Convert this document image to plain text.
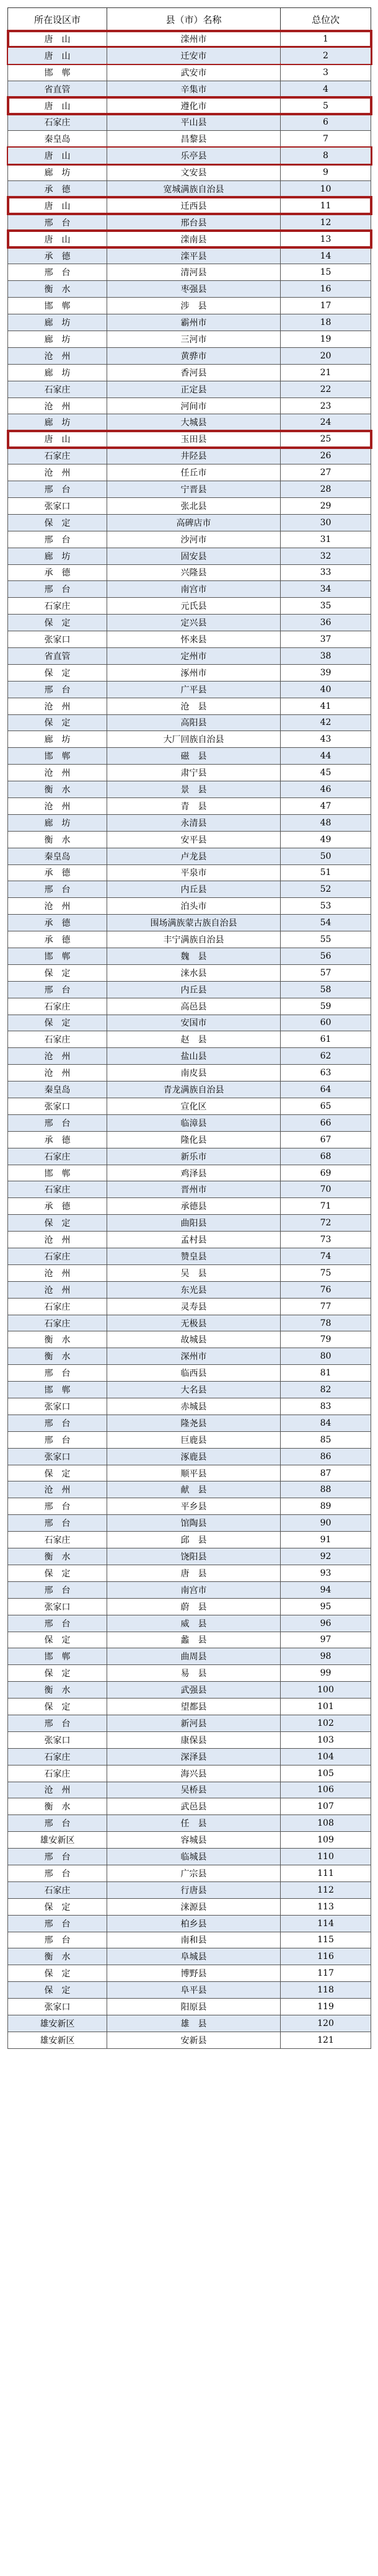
所在设区市	县（市）名称	总位次
唐　山	滦州市	1
唐　山	迁安市	2
邯　郸	武安市	3
省直管	辛集市	4
唐　山	遵化市	5
石家庄	平山县	6
秦皇岛	昌黎县	7
唐　山	乐亭县	8
廊　坊	文安县	9
承　德	宽城满族自治县	10
唐　山	迁西县	11
邢　台	邢台县	12
唐　山	滦南县	13
承　德	滦平县	14
邢　台	清河县	15
衡　水	枣强县	16
邯　郸	涉　县	17
廊　坊	霸州市	18
廊　坊	三河市	19
沧　州	黄骅市	20
廊　坊	香河县	21
石家庄	正定县	22
沧　州	河间市	23
廊　坊	大城县	24
唐　山	玉田县	25
石家庄	井陉县	26
沧　州	任丘市	27
邢　台	宁晋县	28
张家口	张北县	29
保　定	高碑店市	30
邢　台	沙河市	31
廊　坊	固安县	32
承　德	兴隆县	33
邢　台	南宫市	34
石家庄	元氏县	35
保　定	定兴县	36
张家口	怀来县	37
省直管	定州市	38
保　定	涿州市	39
邢　台	广平县	40
沧　州	沧　县	41
保　定	高阳县	42
廊　坊	大厂回族自治县	43
邯　郸	磁　县	44
沧　州	肃宁县	45
衡　水	景　县	46
沧　州	青　县	47
廊　坊	永清县	48
衡　水	安平县	49
秦皇岛	卢龙县	50
承　德	平泉市	51
邢　台	内丘县	52
沧　州	泊头市	53
承　德	围场满族蒙古族自治县	54
承　德	丰宁满族自治县	55
邯　郸	魏　县	56
保　定	涞水县	57
邢　台	内丘县	58
石家庄	高邑县	59
保　定	安国市	60
石家庄	赵　县	61
沧　州	盐山县	62
沧　州	南皮县	63
秦皇岛	青龙满族自治县	64
张家口	宣化区	65
邢　台	临漳县	66
承　德	隆化县	67
石家庄	新乐市	68
邯　郸	鸡泽县	69
石家庄	晋州市	70
承　德	承德县	71
保　定	曲阳县	72
沧　州	孟村县	73
石家庄	赞皇县	74
沧　州	吴　县	75
沧　州	东光县	76
石家庄	灵寿县	77
石家庄	无极县	78
衡　水	故城县	79
衡　水	深州市	80
邢　台	临西县	81
邯　郸	大名县	82
张家口	赤城县	83
邢　台	隆尧县	84
邢　台	巨鹿县	85
张家口	涿鹿县	86
保　定	顺平县	87
沧　州	献　县	88
邢　台	平乡县	89
邢　台	馆陶县	90
石家庄	邱　县	91
衡　水	饶阳县	92
保　定	唐　县	93
邢　台	南宫市	94
张家口	蔚　县	95
邢　台	威　县	96
保　定	蠡　县	97
邯　郸	曲周县	98
保　定	易　县	99
衡　水	武强县	100
保　定	望都县	101
邢　台	新河县	102
张家口	康保县	103
石家庄	深泽县	104
石家庄	海兴县	105
沧　州	吴桥县	106
衡　水	武邑县	107
邢　台	任　县	108
雄安新区	容城县	109
邢　台	临城县	110
邢　台	广宗县	111
石家庄	行唐县	112
保　定	涞源县	113
邢　台	柏乡县	114
邢　台	南和县	115
衡　水	阜城县	116
保　定	博野县	117
保　定	阜平县	118
张家口	阳原县	119
雄安新区	雄　县	120
雄安新区	安新县	121
